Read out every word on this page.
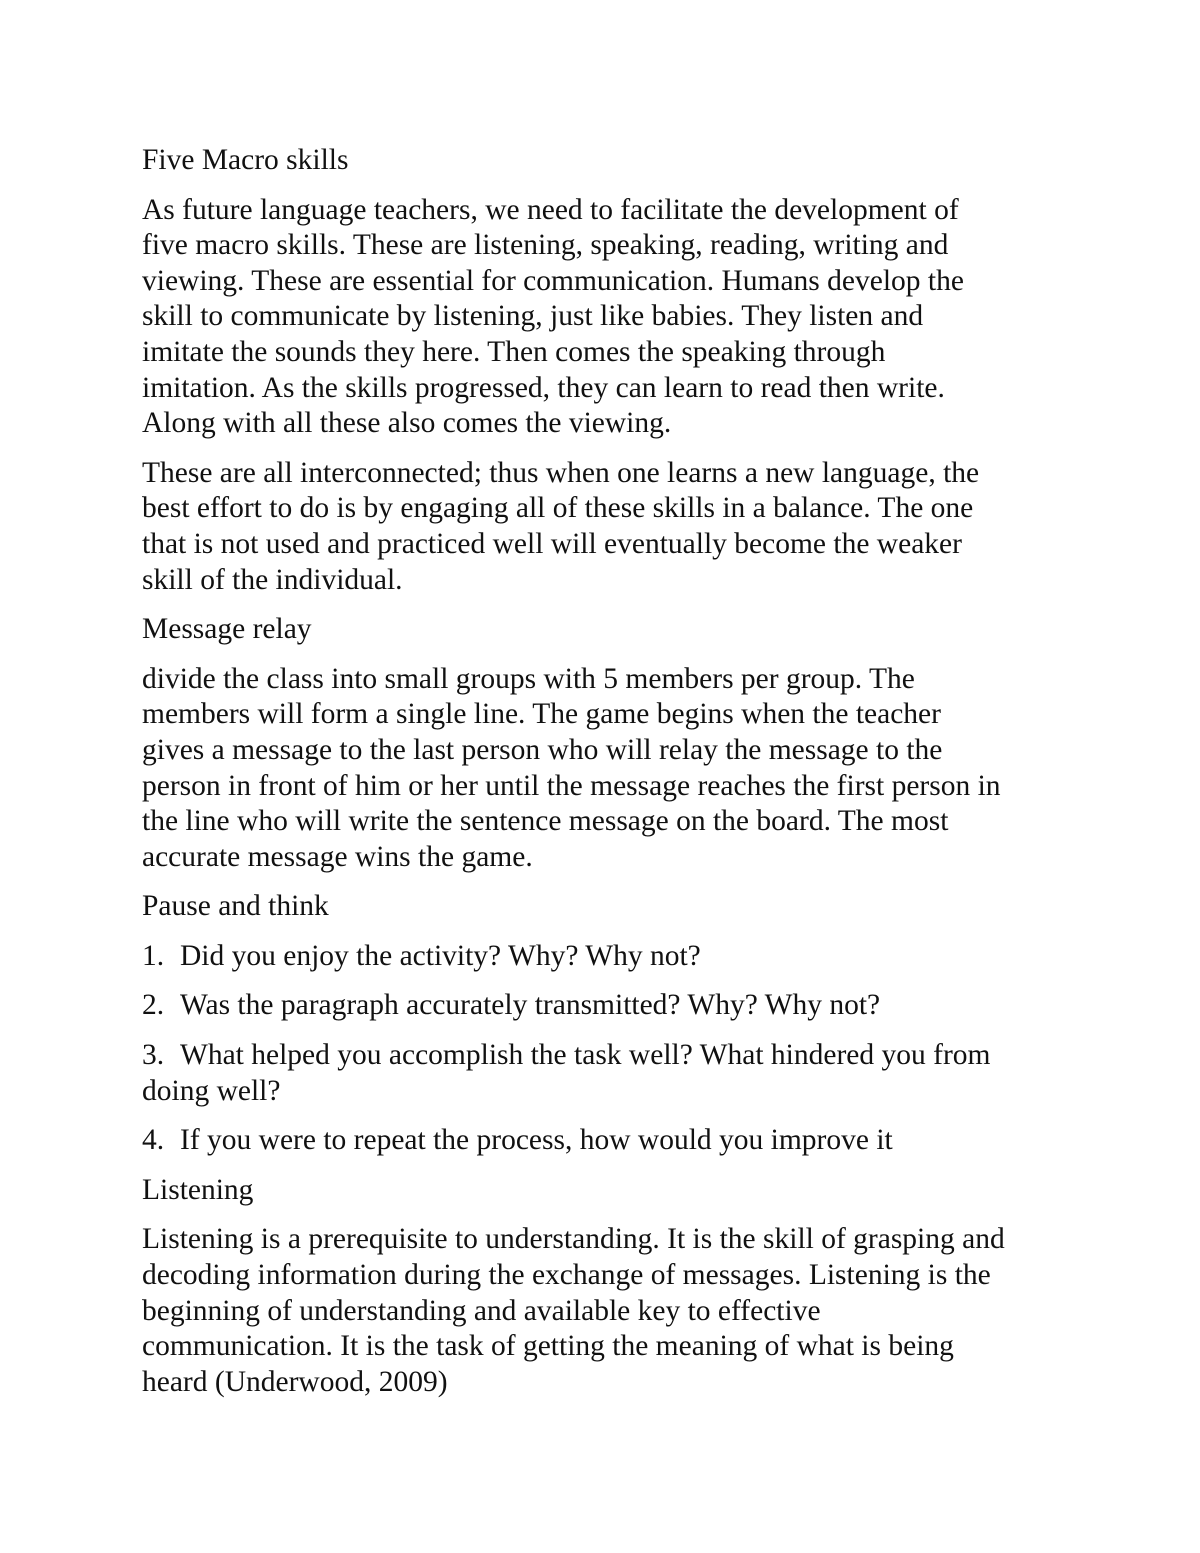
Five Macro skills

As future language teachers, we need to facilitate the development of
five macro skills. These are listening, speaking, reading, writing and
viewing. These are essential for communication. Humans develop the
skill to communicate by listening, just like babies. They listen and
imitate the sounds they here. Then comes the speaking through
imitation. As the skills progressed, they can learn to read then write.
Along with all these also comes the viewing.

These are all interconnected; thus when one learns a new language, the
best effort to do is by engaging all of these skills in a balance. The one
that is not used and practiced well will eventually become the weaker
skill of the individual.

Message relay

divide the class into small groups with 5 members per group. The
members will form a single line. The game begins when the teacher
gives a message to the last person who will relay the message to the
person in front of him or her until the message reaches the first person in
the line who will write the sentence message on the board. The most
accurate message wins the game.

Pause and think

1. Did you enjoy the activity? Why? Why not?
2. Was the paragraph accurately transmitted? Why? Why not?
3. What helped you accomplish the task well? What hindered you from
doing well?
4. If you were to repeat the process, how would you improve it

Listening

Listening is a prerequisite to understanding. It is the skill of grasping and
decoding information during the exchange of messages. Listening is the
beginning of understanding and available key to effective
communication. It is the task of getting the meaning of what is being
heard (Underwood, 2009)
